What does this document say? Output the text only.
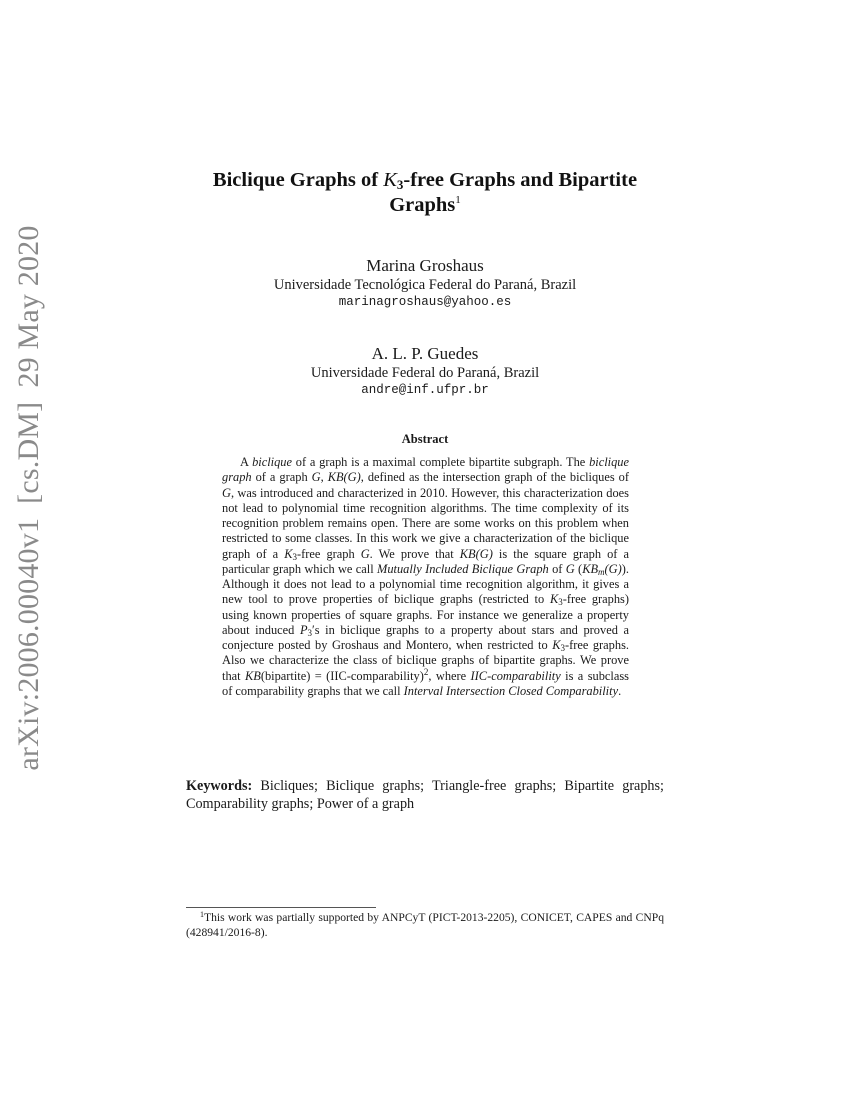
arXiv:2006.00040v1[cs.DM]29 May 2020
Biclique Graphs of $K_3$-free Graphs and Bipartite Graphs$^1$
Marina Groshaus
Universidade Tecnológica Federal do Paraná, Brazil
marinagroshaus@yahoo.es
A. L. P. Guedes
Universidade Federal do Paraná, Brazil
andre@inf.ufpr.br
Abstract
A biclique of a graph is a maximal complete bipartite subgraph. The biclique graph of a graph G, KB(G), defined as the intersection graph of the bicliques of G, was introduced and characterized in 2010. However, this characterization does not lead to polynomial time recognition algorithms. The time complexity of its recognition problem remains open. There are some works on this problem when restricted to some classes. In this work we give a characterization of the biclique graph of a $K_3$-free graph G. We prove that KB(G) is the square graph of a particular graph which we call Mutually Included Biclique Graph of G $(KB_m(G))$. Although it does not lead to a polynomial time recognition algorithm, it gives a new tool to prove properties of biclique graphs (restricted to $K_3$-free graphs) using known properties of square graphs. For instance we generalize a property about induced $P_3's$ in biclique graphs to a property about stars and proved a conjecture posted by Groshaus and Montero, when restricted to $K_3$-free graphs. Also we characterize the class of biclique graphs of bipartite graphs. We prove that KB(bipartite) = (IIC-comparability)$^2$, where IIC-comparability is a subclass of comparability graphs that we call Interval Intersection Closed Comparability.
Keywords: Bicliques; Biclique graphs; Triangle-free graphs; Bipartite graphs; Comparability graphs; Power of a graph
$^1$This work was partially supported by ANPCyT (PICT-2013-2205), CONICET, CAPES and CNPq (428941/2016-8).
